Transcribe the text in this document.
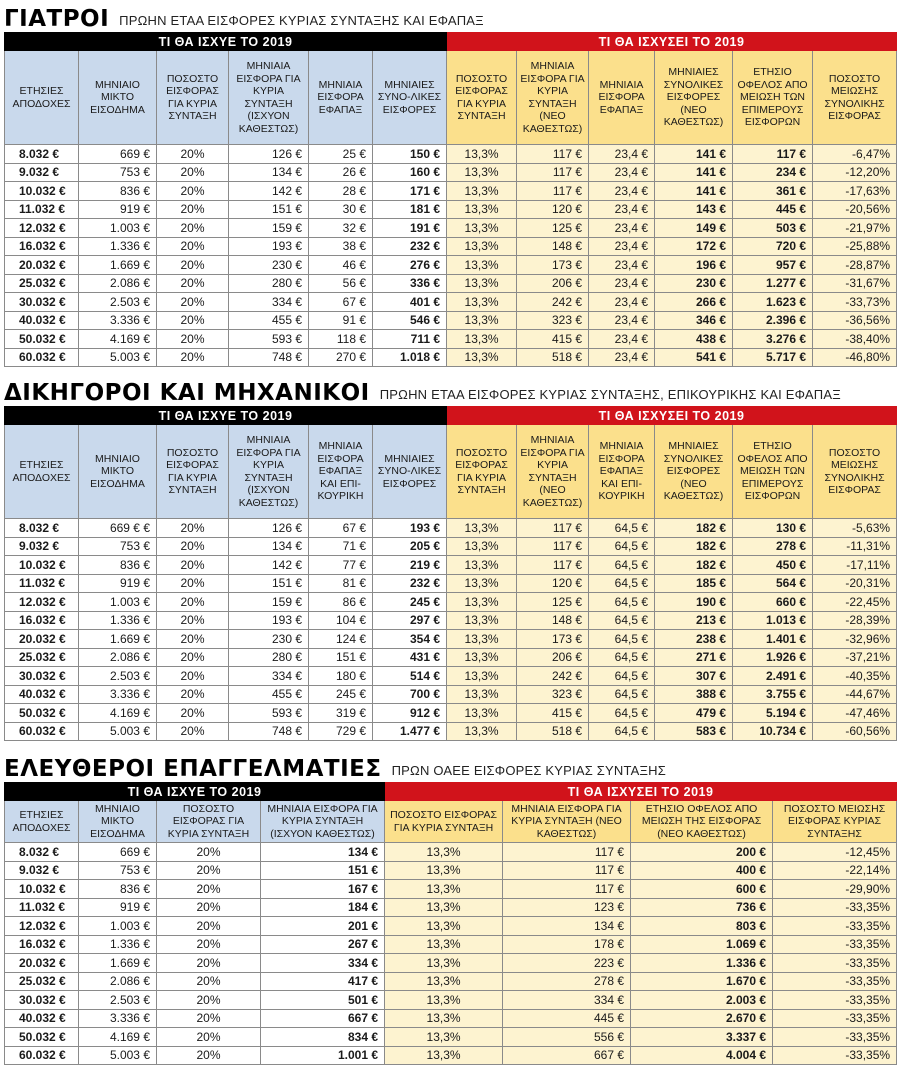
ΓΙΑΤΡΟΙ ΠΡΩΗΝ ΕΤΑΑ ΕΙΣΦΟΡΕΣ ΚΥΡΙΑΣ ΣΥΝΤΑΞΗΣ ΚΑΙ ΕΦΑΠΑΞ
ΤΙ ΘΑ ΙΣΧΥΕ ΤΟ 2019						ΤΙ ΘΑ ΙΣΧΥΣΕΙ ΤΟ 2019					
ΕΤΗΣΙΕΣ ΑΠΟΔΟΧΕΣ	ΜΗΝΙΑΙΟ ΜΙΚΤΟ ΕΙΣΟΔΗΜΑ	ΠΟΣΟΣΤΟ ΕΙΣΦΟΡΑΣ ΓΙΑ ΚΥΡΙΑ ΣΥΝΤΑΞΗ	ΜΗΝΙΑΙΑ ΕΙΣΦΟΡΑ ΓΙΑ ΚΥΡΙΑ ΣΥΝΤΑΞΗ (ΙΣΧΥΟΝ ΚΑΘΕΣΤΩΣ)	ΜΗΝΙΑΙΑ ΕΙΣΦΟΡΑ ΕΦΑΠΑΞ	ΜΗΝΙΑΙΕΣ ΣΥΝΟ-ΛΙΚΕΣ ΕΙΣΦΟΡΕΣ	ΠΟΣΟΣΤΟ ΕΙΣΦΟΡΑΣ ΓΙΑ ΚΥΡΙΑ ΣΥΝΤΑΞΗ	ΜΗΝΙΑΙΑ ΕΙΣΦΟΡΑ ΓΙΑ ΚΥΡΙΑ ΣΥΝΤΑΞΗ (ΝΕΟ ΚΑΘΕΣΤΩΣ)	ΜΗΝΙΑΙΑ ΕΙΣΦΟΡΑ ΕΦΑΠΑΞ	ΜΗΝΙΑΙΕΣ ΣΥΝΟΛΙΚΕΣ ΕΙΣΦΟΡΕΣ (ΝΕΟ ΚΑΘΕΣΤΩΣ)	ΕΤΗΣΙΟ ΟΦΕΛΟΣ ΑΠΟ ΜΕΙΩΣΗ ΤΩΝ ΕΠΙΜΕΡΟΥΣ ΕΙΣΦΟΡΩΝ	ΠΟΣΟΣΤΟ ΜΕΙΩΣΗΣ ΣΥΝΟΛΙΚΗΣ ΕΙΣΦΟΡΑΣ
8.032 €	669 €	20%	126 €	25 €	150 €	13,3%	117 €	23,4 €	141 €	117 €	-6,47%
9.032 €	753 €	20%	134 €	26 €	160 €	13,3%	117 €	23,4 €	141 €	234 €	-12,20%
10.032 €	836 €	20%	142 €	28 €	171 €	13,3%	117 €	23,4 €	141 €	361 €	-17,63%
11.032 €	919 €	20%	151 €	30 €	181 €	13,3%	120 €	23,4 €	143 €	445 €	-20,56%
12.032 €	1.003 €	20%	159 €	32 €	191 €	13,3%	125 €	23,4 €	149 €	503 €	-21,97%
16.032 €	1.336 €	20%	193 €	38 €	232 €	13,3%	148 €	23,4 €	172 €	720 €	-25,88%
20.032 €	1.669 €	20%	230 €	46 €	276 €	13,3%	173 €	23,4 €	196 €	957 €	-28,87%
25.032 €	2.086 €	20%	280 €	56 €	336 €	13,3%	206 €	23,4 €	230 €	1.277 €	-31,67%
30.032 €	2.503 €	20%	334 €	67 €	401 €	13,3%	242 €	23,4 €	266 €	1.623 €	-33,73%
40.032 €	3.336 €	20%	455 €	91 €	546 €	13,3%	323 €	23,4 €	346 €	2.396 €	-36,56%
50.032 €	4.169 €	20%	593 €	118 €	711 €	13,3%	415 €	23,4 €	438 €	3.276 €	-38,40%
60.032 €	5.003 €	20%	748 €	270 €	1.018 €	13,3%	518 €	23,4 €	541 €	5.717 €	-46,80%
ΔΙΚΗΓΟΡΟΙ ΚΑΙ ΜΗΧΑΝΙΚΟΙ ΠΡΩΗΝ ΕΤΑΑ ΕΙΣΦΟΡΕΣ ΚΥΡΙΑΣ ΣΥΝΤΑΞΗΣ, ΕΠΙΚΟΥΡΙΚΗΣ ΚΑΙ ΕΦΑΠΑΞ
ΤΙ ΘΑ ΙΣΧΥΕ ΤΟ 2019						ΤΙ ΘΑ ΙΣΧΥΣΕΙ ΤΟ 2019					
ΕΤΗΣΙΕΣ ΑΠΟΔΟΧΕΣ	ΜΗΝΙΑΙΟ ΜΙΚΤΟ ΕΙΣΟΔΗΜΑ	ΠΟΣΟΣΤΟ ΕΙΣΦΟΡΑΣ ΓΙΑ ΚΥΡΙΑ ΣΥΝΤΑΞΗ	ΜΗΝΙΑΙΑ ΕΙΣΦΟΡΑ ΓΙΑ ΚΥΡΙΑ ΣΥΝΤΑΞΗ (ΙΣΧΥΟΝ ΚΑΘΕΣΤΩΣ)	ΜΗΝΙΑΙΑ ΕΙΣΦΟΡΑ ΕΦΑΠΑΞ ΚΑΙ ΕΠΙ-ΚΟΥΡΙΚΗ	ΜΗΝΙΑΙΕΣ ΣΥΝΟ-ΛΙΚΕΣ ΕΙΣΦΟΡΕΣ	ΠΟΣΟΣΤΟ ΕΙΣΦΟΡΑΣ ΓΙΑ ΚΥΡΙΑ ΣΥΝΤΑΞΗ	ΜΗΝΙΑΙΑ ΕΙΣΦΟΡΑ ΓΙΑ ΚΥΡΙΑ ΣΥΝΤΑΞΗ (ΝΕΟ ΚΑΘΕΣΤΩΣ)	ΜΗΝΙΑΙΑ ΕΙΣΦΟΡΑ ΕΦΑΠΑΞ ΚΑΙ ΕΠΙ-ΚΟΥΡΙΚΗ	ΜΗΝΙΑΙΕΣ ΣΥΝΟΛΙΚΕΣ ΕΙΣΦΟΡΕΣ (ΝΕΟ ΚΑΘΕΣΤΩΣ)	ΕΤΗΣΙΟ ΟΦΕΛΟΣ ΑΠΟ ΜΕΙΩΣΗ ΤΩΝ ΕΠΙΜΕΡΟΥΣ ΕΙΣΦΟΡΩΝ	ΠΟΣΟΣΤΟ ΜΕΙΩΣΗΣ ΣΥΝΟΛΙΚΗΣ ΕΙΣΦΟΡΑΣ
8.032 €	669 € €	20%	126 €	67 €	193 €	13,3%	117 €	64,5 €	182 €	130 €	-5,63%
9.032 €	753 €	20%	134 €	71 €	205 €	13,3%	117 €	64,5 €	182 €	278 €	-11,31%
10.032 €	836 €	20%	142 €	77 €	219 €	13,3%	117 €	64,5 €	182 €	450 €	-17,11%
11.032 €	919 €	20%	151 €	81 €	232 €	13,3%	120 €	64,5 €	185 €	564 €	-20,31%
12.032 €	1.003 €	20%	159 €	86 €	245 €	13,3%	125 €	64,5 €	190 €	660 €	-22,45%
16.032 €	1.336 €	20%	193 €	104 €	297 €	13,3%	148 €	64,5 €	213 €	1.013 €	-28,39%
20.032 €	1.669 €	20%	230 €	124 €	354 €	13,3%	173 €	64,5 €	238 €	1.401 €	-32,96%
25.032 €	2.086 €	20%	280 €	151 €	431 €	13,3%	206 €	64,5 €	271 €	1.926 €	-37,21%
30.032 €	2.503 €	20%	334 €	180 €	514 €	13,3%	242 €	64,5 €	307 €	2.491 €	-40,35%
40.032 €	3.336 €	20%	455 €	245 €	700 €	13,3%	323 €	64,5 €	388 €	3.755 €	-44,67%
50.032 €	4.169 €	20%	593 €	319 €	912 €	13,3%	415 €	64,5 €	479 €	5.194 €	-47,46%
60.032 €	5.003 €	20%	748 €	729 €	1.477 €	13,3%	518 €	64,5 €	583 €	10.734 €	-60,56%
ΕΛΕΥΘΕΡΟΙ ΕΠΑΓΓΕΛΜΑΤΙΕΣ ΠΡΩΝ ΟΑΕΕ ΕΙΣΦΟΡΕΣ ΚΥΡΙΑΣ ΣΥΝΤΑΞΗΣ
ΤΙ ΘΑ ΙΣΧΥΕ ΤΟ 2019				ΤΙ ΘΑ ΙΣΧΥΣΕΙ ΤΟ 2019			
ΕΤΗΣΙΕΣ ΑΠΟΔΟΧΕΣ	ΜΗΝΙΑΙΟ ΜΙΚΤΟ ΕΙΣΟΔΗΜΑ	ΠΟΣΟΣΤΟ ΕΙΣΦΟΡΑΣ ΓΙΑ ΚΥΡΙΑ ΣΥΝΤΑΞΗ	ΜΗΝΙΑΙΑ ΕΙΣΦΟΡΑ ΓΙΑ ΚΥΡΙΑ ΣΥΝΤΑΞΗ (ΙΣΧΥΟΝ ΚΑΘΕΣΤΩΣ)	ΠΟΣΟΣΤΟ ΕΙΣΦΟΡΑΣ ΓΙΑ ΚΥΡΙΑ ΣΥΝΤΑΞΗ	ΜΗΝΙΑΙΑ ΕΙΣΦΟΡΑ ΓΙΑ ΚΥΡΙΑ ΣΥΝΤΑΞΗ (ΝΕΟ ΚΑΘΕΣΤΩΣ)	ΕΤΗΣΙΟ ΟΦΕΛΟΣ ΑΠΟ ΜΕΙΩΣΗ ΤΗΣ ΕΙΣΦΟΡΑΣ (ΝΕΟ ΚΑΘΕΣΤΩΣ)	ΠΟΣΟΣΤΟ ΜΕΙΩΣΗΣ ΕΙΣΦΟΡΑΣ ΚΥΡΙΑΣ ΣΥΝΤΑΞΗΣ
8.032 €	669 €	20%	134 €	13,3%	117 €	200 €	-12,45%
9.032 €	753 €	20%	151 €	13,3%	117 €	400 €	-22,14%
10.032 €	836 €	20%	167 €	13,3%	117 €	600 €	-29,90%
11.032 €	919 €	20%	184 €	13,3%	123 €	736 €	-33,35%
12.032 €	1.003 €	20%	201 €	13,3%	134 €	803 €	-33,35%
16.032 €	1.336 €	20%	267 €	13,3%	178 €	1.069 €	-33,35%
20.032 €	1.669 €	20%	334 €	13,3%	223 €	1.336 €	-33,35%
25.032 €	2.086 €	20%	417 €	13,3%	278 €	1.670 €	-33,35%
30.032 €	2.503 €	20%	501 €	13,3%	334 €	2.003 €	-33,35%
40.032 €	3.336 €	20%	667 €	13,3%	445 €	2.670 €	-33,35%
50.032 €	4.169 €	20%	834 €	13,3%	556 €	3.337 €	-33,35%
60.032 €	5.003 €	20%	1.001 €	13,3%	667 €	4.004 €	-33,35%
